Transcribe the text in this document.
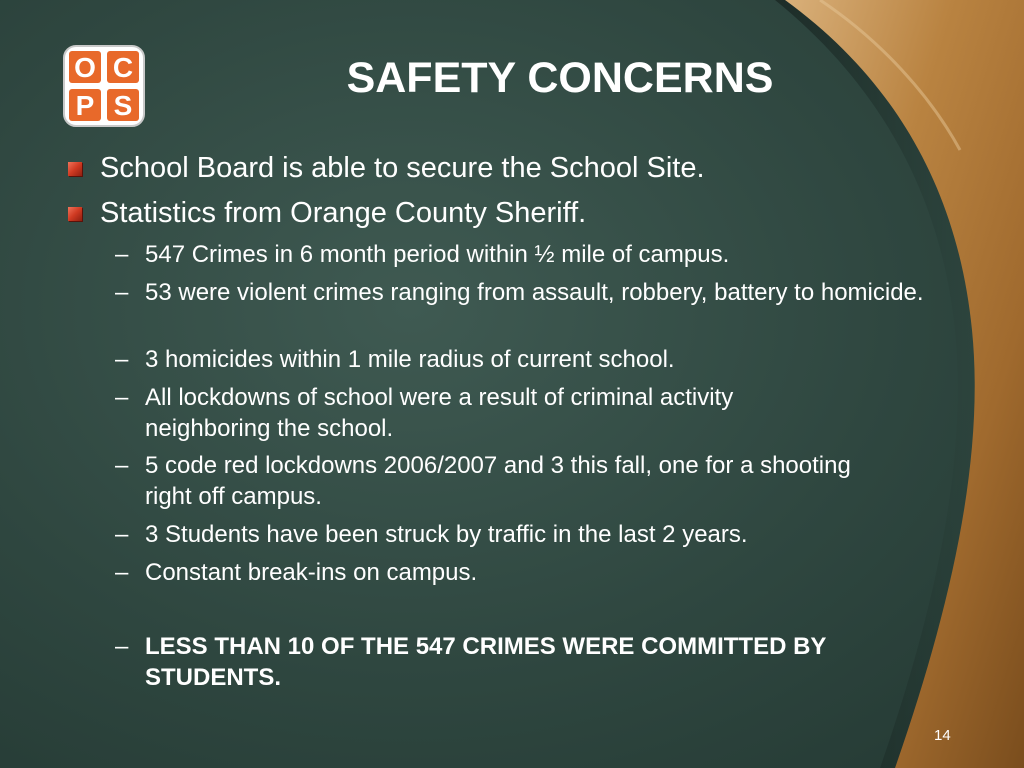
O C
P S
SAFETY CONCERNS
School Board is able to secure the School Site.
Statistics from Orange County Sheriff.
– 547 Crimes in 6 month period within ½ mile of campus.
– 53 were violent crimes ranging from assault, robbery, battery to homicide.
– 3 homicides within 1 mile radius of current school.
– All lockdowns of school were a result of criminal activity neighboring the school.
– 5 code red lockdowns 2006/2007 and 3 this fall, one for a shooting right off campus.
– 3 Students have been struck by traffic in the last 2 years.
– Constant break-ins on campus.
– LESS THAN 10 OF THE 547 CRIMES WERE COMMITTED BY STUDENTS.
14
